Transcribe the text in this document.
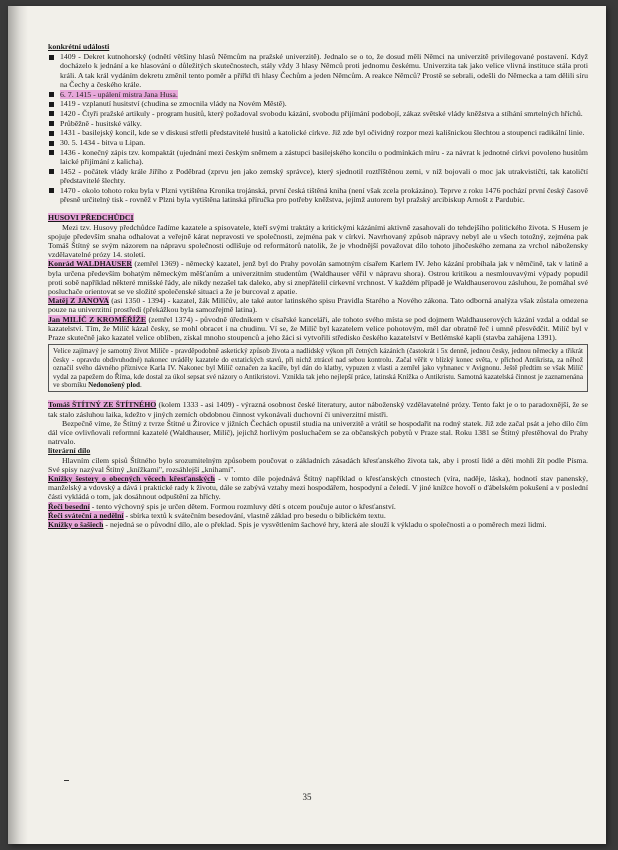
konkrétní události
1409 - Dekret kutnohorský (odnětí většiny hlasů Němcům na pražské univerzitě). Jednalo se o to, že dosud měli Němci na univerzitě privilegované postavení. Když docházelo k jednání a ke hlasování o důležitých skutečnostech, stály vždy 3 hlasy Němců proti jednomu českému. Univerzita tak jako velice vlivná instituce stála proti králi. A tak král vydáním dekretu změnil tento poměr a přiřkl tři hlasy Čechům a jeden Němcům. A reakce Němců? Prostě se sebrali, odešli do Německa a tam dělili síru na Čechy a českého krále.
6. 7. 1415 - upálení mistra Jana Husa.
1419 - vzplanutí husitství (chudina se zmocnila vlády na Novém Městě).
1420 - Čtyři pražské artikuly - program husitů, který požadoval svobodu kázání, svobodu přijímání podobojí, zákaz světské vlády kněžstva a stíhání smrtelných hříchů.
Průběžně - husitské války.
1431 - basilejský koncil, kde se v diskusi střetli představitelé husitů a katolické církve. Již zde byl očividný rozpor mezi kališnickou šlechtou a stoupenci radikální linie.
30. 5. 1434 - bitva u Lipan.
1436 - konečný zápis tzv. kompaktát (ujednání mezi českým sněmem a zástupci basilejského koncilu o podmínkách míru - za návrat k jednotné církvi povoleno husitům laické přijímání z kalicha).
1452 - počátek vlády krále Jiřího z Poděbrad (zprvu jen jako zemský správce), který sjednotil roztříštěnou zemi, v níž bojovali o moc jak utrakvističtí, tak katoličtí představitelé šlechty.
1470 - okolo tohoto roku byla v Plzni vytištěna Kronika trojánská, první česká tištěná kniha (není však zcela prokázáno). Teprve z roku 1476 pochází první český časově přesně určitelný tisk - rovněž v Plzni byla vytištěna latinská příručka pro potřeby kněžstva, jejímž autorem byl pražský arcibiskup Arnošt z Pardubic.
HUSOVI PŘEDCHŮDCI

Mezi tzv. Husovy předchůdce řadíme kazatele a spisovatele, kteří svými traktáty a kritickými kázáními aktivně zasahovali do tehdejšího politického života. S Husem je spojuje především snaha odhalovat a veřejně kárat nepravosti ve společnosti, zejména pak v církvi. Navrhovaný způsob nápravy nebyl ale u všech totožný, zejména pak Tomáš Štítný se svým názorem na nápravu společnosti odlišuje od reformátorů natolik, že je vhodnější považovat dílo tohoto jihočeského zemana za vrchol nábožensky vzdělavatelné prózy 14. století.

Konrád WALDHAUSER (zemřel 1369) - německý kazatel, jenž byl do Prahy povolán samotným císařem Karlem IV. Jeho kázání probíhala jak v němčině, tak v latině a byla určena především bohatým německým měšťanům a univerzitním studentům (Waldhauser věřil v nápravu shora). Ostrou kritikou a nesmlouvavými výpady popudil proti sobě například některé mnišské řády, ale nikdy nezašel tak daleko, aby si znepřátelil církevní vrchnost. V každém případě je Waldhauserovou zásluhou, že pomáhal své posluchače orientovat se ve složité společenské situaci a že je burcoval z apatie.

Matěj Z JANOVA (asi 1350 - 1394) - kazatel, žák Milíčův, ale také autor latinského spisu Pravidla Starého a Nového zákona. Tato odborná analýza však zůstala omezena pouze na univerzitní prostředí (překážkou byla samozřejmě latina).

Jan MILÍČ Z KROMĚŘÍŽE (zemřel 1374) - původně úředníkem v císařské kanceláři, ale tohoto svého místa se pod dojmem Waldhauserových kázání vzdal a oddal se kazatelství. Tím, že Milíč kázal česky, se mohl obracet i na chudinu. Ví se, že Milíč byl kazatelem velice pohotovým, měl dar obratně řeč i umně přesvědčit. Milíč byl v Praze skutečně jako kazatel velice oblíben, získal mnoho stoupenců a jeho žáci si vytvořili středisko českého kazatelství v Betlémské kapli (stavba zahájena 1391).

Velice zajímavý je samotný život Milíče - pravděpodobně asketický způsob života a nadlidský výkon při četných kázáních (častokrát i 5x denně, jednou česky, jednou německy a třikrát česky - opravdu obdivuhodné) nakonec uváděly kazatele do extatických stavů, při nichž ztrácel nad sebou kontrolu. Začal věřit v blízký konec světa, v příchod Antikrista, za něhož označil svého dávného příznivce Karla IV. Nakonec byl Milíč označen za kacíře, byl dán do klatby, vypuzen z vlasti a zemřel jako vyhnanec v Avignonu. Ještě předtím se však Milíč vydal za papežem do Říma, kde dostal za úkol sepsat své názory o Antikristovi. Vznikla tak jeho nejlepší práce, latinská Knížka o Antikristu. Samotná kazatelská činnost je zaznamenána ve sborníku Nedonošený plod.

Tomáš ŠTÍTNÝ ZE ŠTÍTNÉHO (kolem 1333 - asi 1409) - výrazná osobnost české literatury, autor náboženský vzdělavatelné prózy. Tento fakt je o to paradoxnější, že se tak stalo zásluhou laika, kdežto v jiných zemích obdobnou činnost vykonávali duchovní či univerzitní mistři.

Bezpečně víme, že Štítný z tvrze Štítné u Žirovice v jižních Čechách opustil studia na univerzitě a vrátil se hospodařit na rodný statek. Již zde začal psát a jeho dílo čím dál více ovlivňovali reformní kazatelé (Waldhauser, Milíč), jejichž horlivým posluchačem se za občanských pobytů v Praze stal. Roku 1381 se Štítný přestěhoval do Prahy natrvalo.

literární dílo

Hlavním cílem spisů Štítného bylo srozumitelným způsobem poučovat o základních zásadách křesťanského života tak, aby i prostí lidé a děti mohli žít podle Písma. Své spisy nazýval Štítný „knížkami", rozsáhlejší „knihami".

Knížky šestery o obecných věcech křesťanských - v tomto díle pojednává Štítný například o křesťanských ctnostech (víra, naděje, láska), hodnotí stav panenský, manželský a vdovský a dává i praktické rady k životu, dále se zabývá vztahy mezi hospodářem, hospodyní a čeledí. V jiné knížce hovoří o ďábelském pokušení a v poslední části vykládá o tom, jak dosáhnout odpuštění za hříchy.

Řeči besední - tento výchovný spis je určen dětem. Formou rozmluvy dětí s otcem poučuje autor o křesťanství.

Řeči sváteční a nedělní - sbírka textů k svátečním besedování, vlastně základ pro besedu o biblickém textu.

Knížky o šašiech - nejedná se o původní dílo, ale o překlad. Spis je vysvětlením šachové hry, která ale slouží k výkladu o společnosti a o poměrech mezi lidmi.

35
